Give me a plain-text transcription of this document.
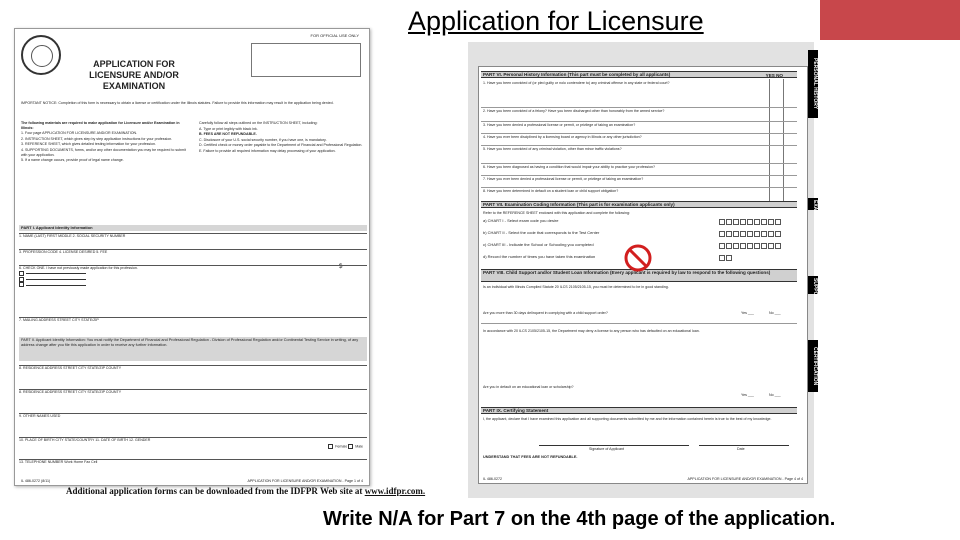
Application for Licensure
FOR OFFICIAL USE ONLY
APPLICATION FOR LICENSURE AND/OR EXAMINATION
IMPORTANT NOTICE: Completion of this form is necessary to obtain a license or certification under the Illinois statutes. Failure to provide this information may result in the application being denied.
The following materials are required to make application for Licensure and/or Examination in Illinois:
1. Four page APPLICATION FOR LICENSURE AND/OR EXAMINATION.
2. INSTRUCTION SHEET, which gives step by step application instructions for your profession.
3. REFERENCE SHEET, which gives detailed testing information for your profession.
4. SUPPORTING DOCUMENTS, forms, and/or any other documentation you may be required to submit with your application.
5. If a name change occurs, provide proof of legal name change.
Carefully follow all steps outlined on the INSTRUCTION SHEET, including:
A. Type or print legibly with black ink.
B. FEES ARE NOT REFUNDABLE.
C. Disclosure of your U.S. social security number, if you have one, is mandatory.
D. Certified check or money order payable to the Department of Financial and Professional Regulation.
E. Failure to provide all required information may delay processing of your application.
PART I. Applicant Identity Information
1. NAME (LAST) FIRST MIDDLE 2. SOCIAL SECURITY NUMBER
3. PROFESSION CODE 4. LICENSE DESIRED 5. FEE
$
6. CHECK ONE. I have not previously made application for this profession.

7. MAILING ADDRESS STREET CITY STATE/ZIP
PART II. Applicant Identity Information: You must notify the Department of Financial and Professional Regulation - Division of Professional Regulation and/or Continental Testing Service in writing, of any address change after you file this application in order to receive any further information.
8. RESIDENCE ADDRESS STREET CITY STATE/ZIP COUNTY
8. RESIDENCE ADDRESS STREET CITY STATE/ZIP COUNTY
9. OTHER NAMES USED
10. PLACE OF BIRTH CITY STATE/COUNTRY 11. DATE OF BIRTH 12. GENDER
Female Male
13. TELEPHONE NUMBER Work Home Fax Cell
IL 486-0272 (8/11)	APPLICATION FOR LICENSURE AND/OR EXAMINATION - Page 1 of 4
Additional application forms can be downloaded from the IDFPR Web site at www.idfpr.com.
PART VI. Personal History Information (This part must be completed by all applicants)	YES NO
1. Have you been convicted of (or pled guilty or nolo contendere to) any criminal offense in any state or federal court?
2. Have you been convicted of a felony? Have you been discharged other than honorably from the armed service?
3. Have you been denied a professional license or permit, or privilege of taking an examination?
4. Have you ever been disciplined by a licensing board or agency in Illinois or any other jurisdiction?
5. Have you been convicted of any criminal violation, other than minor traffic violations?
6. Have you been diagnosed as having a condition that would impair your ability to practice your profession?
7. Have you ever been denied a professional license or permit, or privilege of taking an examination?
8. Have you been determined in default on a student loan or child support obligation?
PART VII. Examination Coding Information (This part is for examination applicants only)
Refer to the REFERENCE SHEET enclosed with this application and complete the following:
a) CHART I - Select exam code you desire
b) CHART II - Select the code that corresponds to the Test Center
c) CHART III - Indicate the School or Schooling you completed
d) Record the number of times you have taken this examination
PART VIII. Child Support and/or Student Loan Information (Every applicant is required by law to respond to the following questions)
Is an individual with Illinois Compiled Statute 20 ILCS 2105/2105-15, you must be determined to be in good standing.
Are you more than 30 days delinquent in complying with a child support order?	Yes ___	No ___
In accordance with 20 ILCS 2105/2105-15, the Department may deny a license to any person who has defaulted on an educational loan.
Are you in default on an educational loan or scholarship?
Yes ___	No ___
PART IX. Certifying Statement
I, the applicant, declare that I have examined this application and all supporting documents submitted by me and the information contained herein is true to the best of my knowledge.
Signature of Applicant	Date
UNDERSTAND THAT FEES ARE NOT REFUNDABLE.
IL 486-0272	APPLICATION FOR LICENSURE AND/OR EXAMINATION - Page 4 of 4
PERSONAL HISTORY
EXAM
SUPPORT
CERTIFICATION
Write N/A for Part 7 on the 4th page of the application.
